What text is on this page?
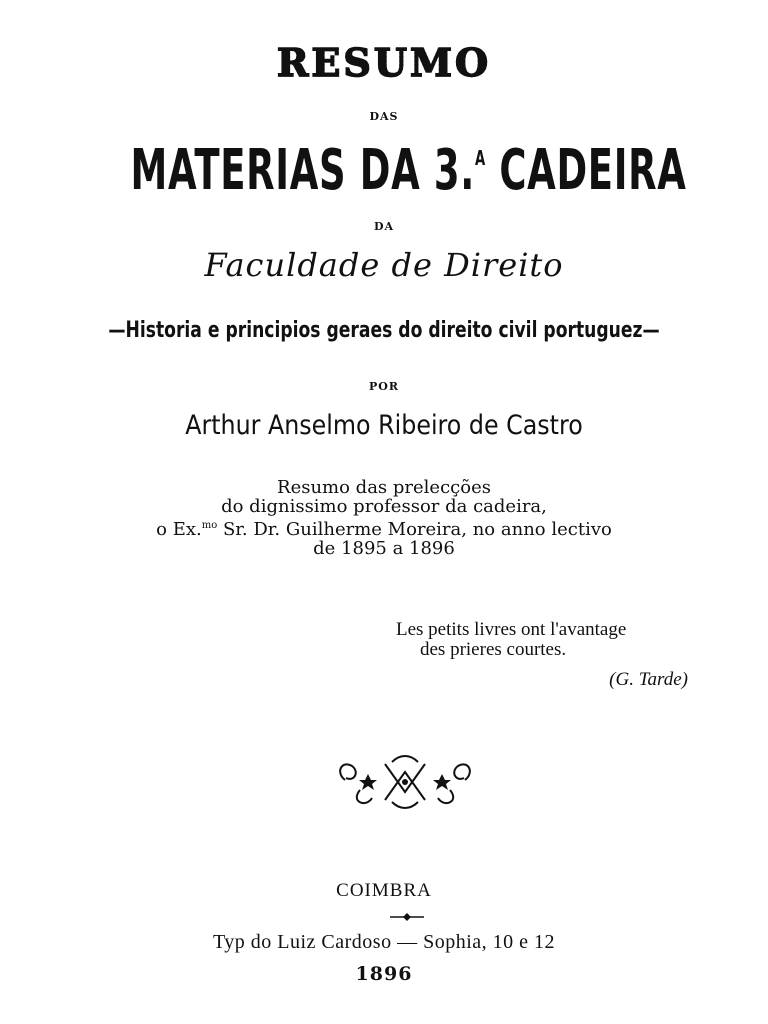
RESUMO
DAS
MATERIAS DA 3.$^A$ CADEIRA
DA
Faculdade de Direito
—Historia e principios geraes do direito civil portuguez—
POR
Arthur Anselmo Ribeiro de Castro
Resumo das prelecções
do dignissimo professor da cadeira,
o Ex.$^{mo}$ Sr. Dr. Guilherme Moreira, no anno lectivo
de 1895 a 1896
Les petits livres ont l'avantage
des prieres courtes.
(G. Tarde)
COIMBRA
Typ do Luiz Cardoso — Sophia, 10 e 12
1896
